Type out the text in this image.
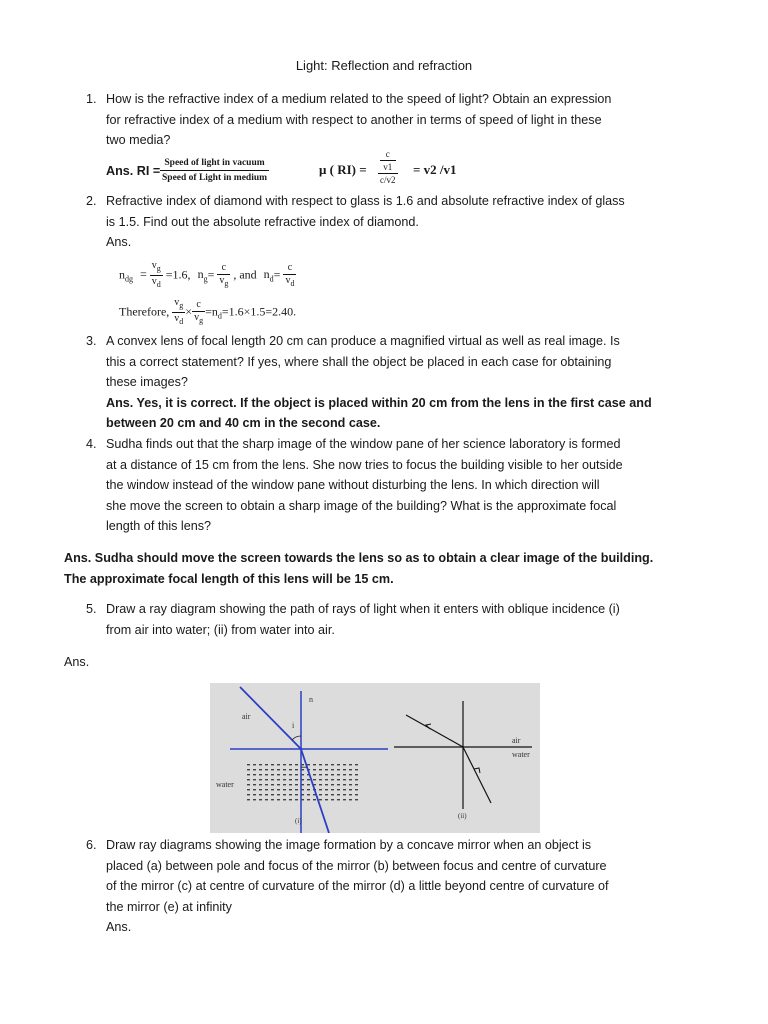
Light: Reflection and refraction
1. How is the refractive index of a medium related to the speed of light? Obtain an expression
for refractive index of a medium with respect to another in terms of speed of light in these
two media?
Ans. RI =
Speed of light in vacuum
Speed of Light in medium
μ ( RI) = c
v1
c/v2 = v2 /v1
2. Refractive index of diamond with respect to glass is 1.6 and absolute refractive index of glass
is 1.5. Find out the absolute refractive index of diamond.
Ans.
$n_{dg} = \frac{v_g}{v_d} =1.6$, $n_g= \frac{c}{v_g}$ , and $n_d= \frac{c}{v_d}$
Therefore, $\frac{v_g}{v_d} \times \frac{c}{v_g} =n_d=1.6\times 1.5=2.40$.
3. A convex lens of focal length 20 cm can produce a magnified virtual as well as real image. Is
this a correct statement? If yes, where shall the object be placed in each case for obtaining
these images?
Ans. Yes, it is correct. If the object is placed within 20 cm from the lens in the first case and
between 20 cm and 40 cm in the second case.
4. Sudha finds out that the sharp image of the window pane of her science laboratory is formed
at a distance of 15 cm from the lens. She now tries to focus the building visible to her outside
the window instead of the window pane without disturbing the lens. In which direction will
she move the screen to obtain a sharp image of the building? What is the approximate focal
length of this lens?
Ans. Sudha should move the screen towards the lens so as to obtain a clear image of the building.
The approximate focal length of this lens will be 15 cm.
5. Draw a ray diagram showing the path of rays of light when it enters with oblique incidence (i)
from air into water; (ii) from water into air.
Ans.
n
air
i
water
(i)
air
water
(ii)
6. Draw ray diagrams showing the image formation by a concave mirror when an object is
placed (a) between pole and focus of the mirror (b) between focus and centre of curvature
of the mirror (c) at centre of curvature of the mirror (d) a little beyond centre of curvature of
the mirror (e) at infinity
Ans.
